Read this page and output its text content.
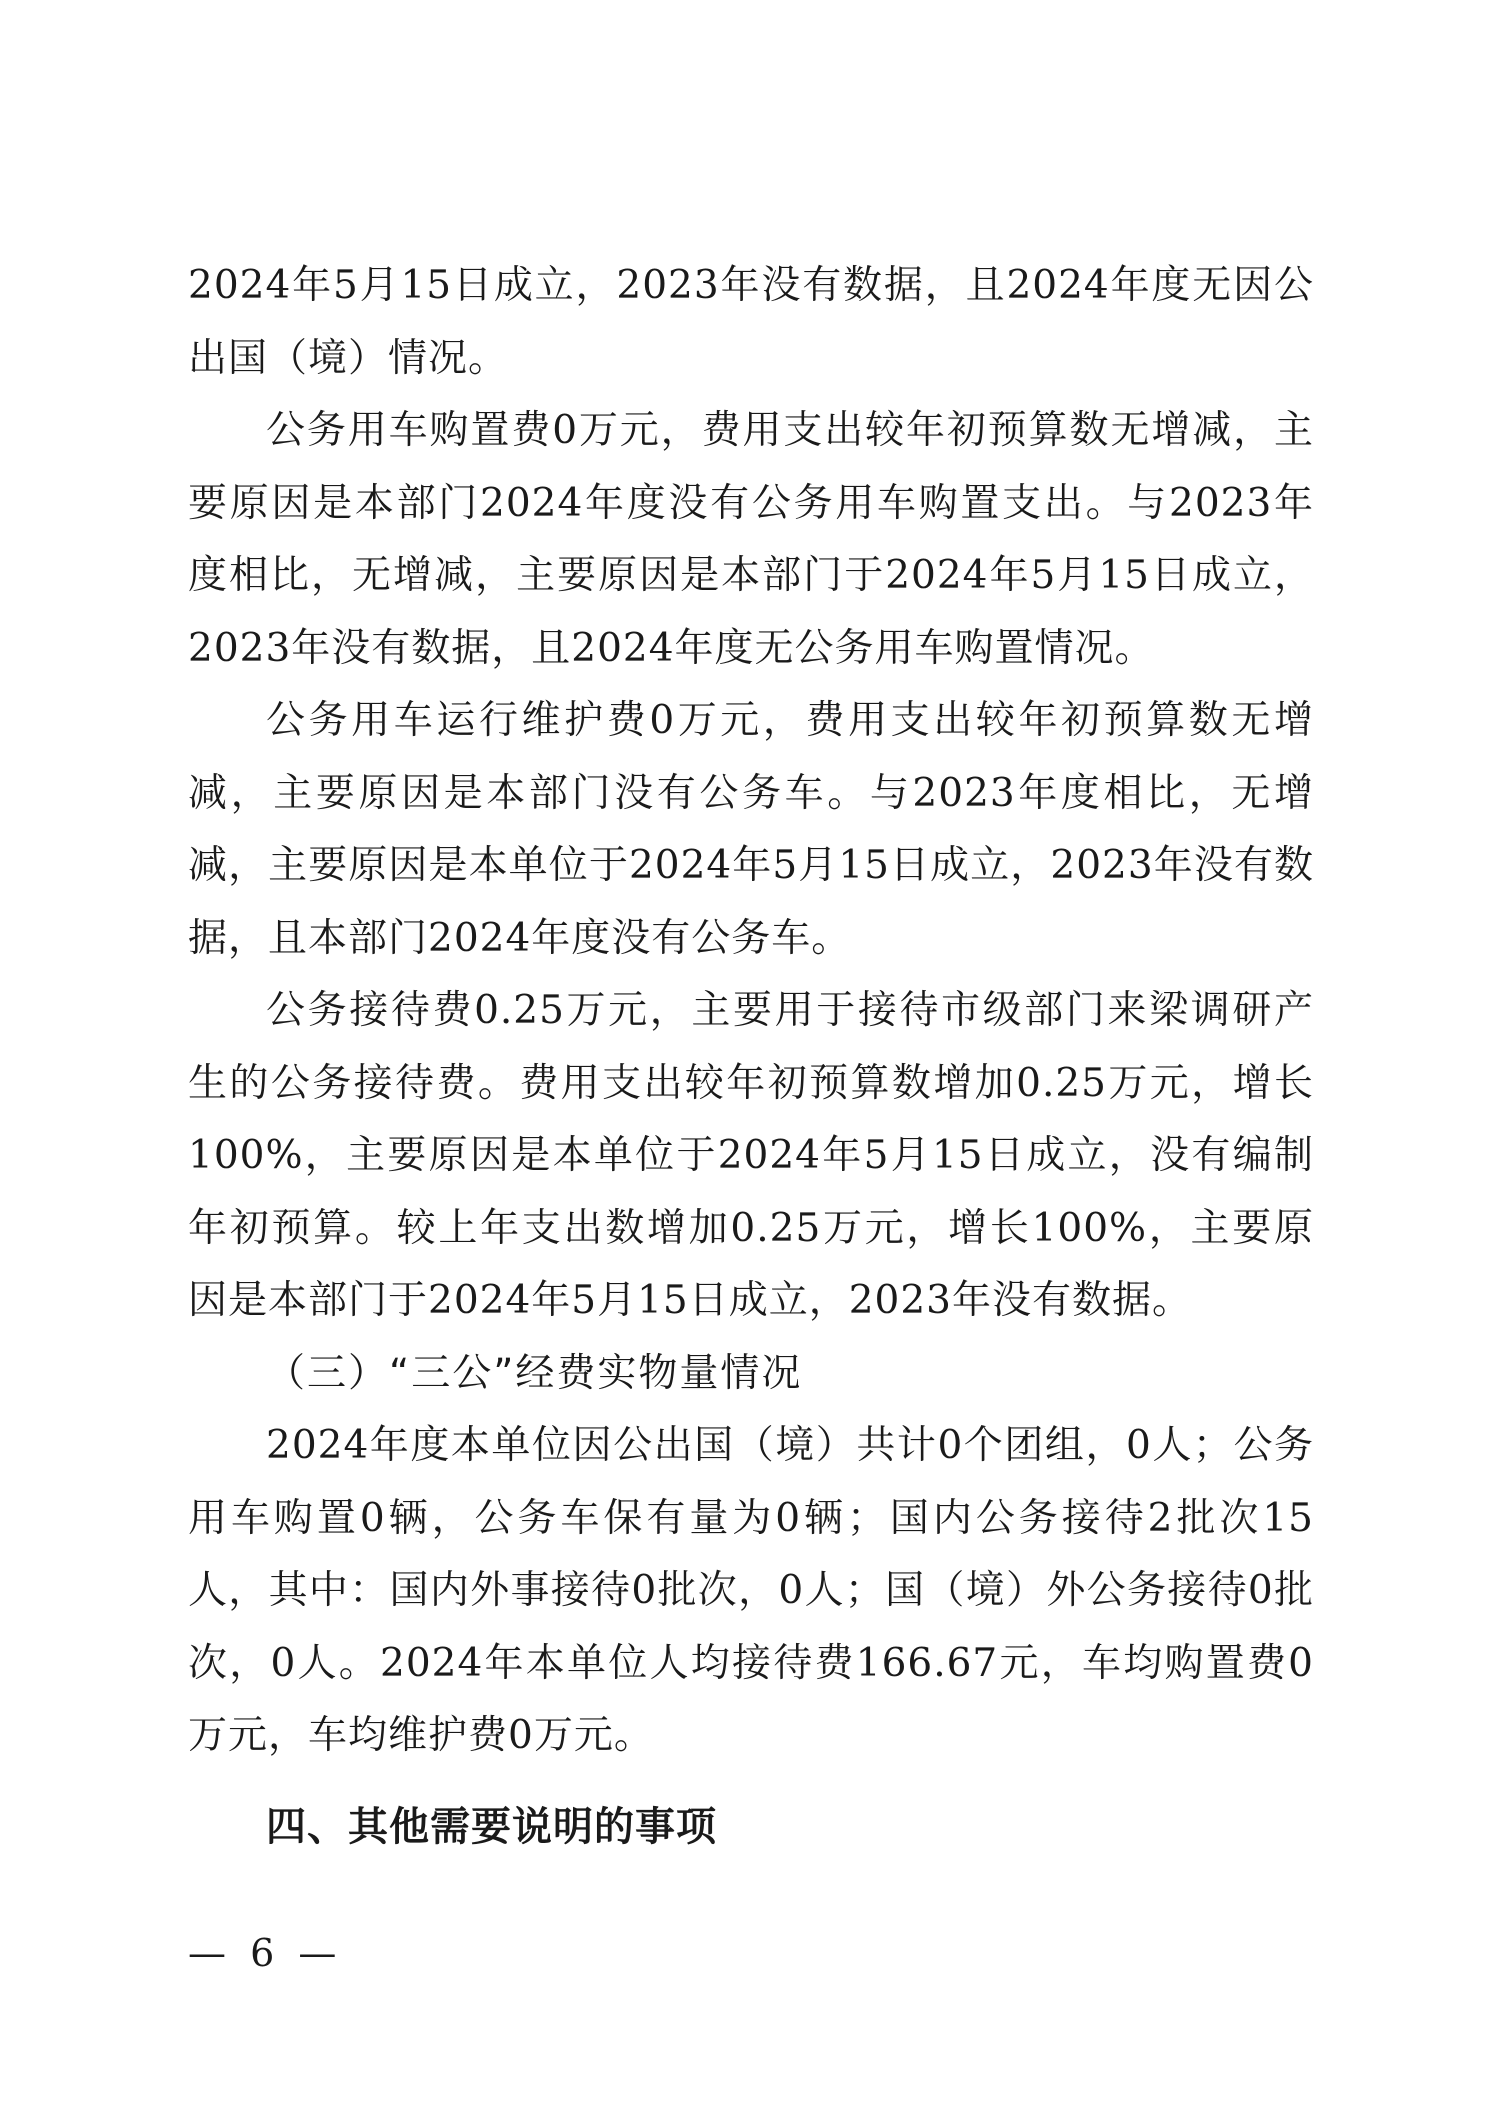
2024年5月15日成立，2023年没有数据，且2024年度无因公出国（境）情况。

公务用车购置费0万元，费用支出较年初预算数无增减，主要原因是本部门2024年度没有公务用车购置支出。与2023年度相比，无增减，主要原因是本部门于2024年5月15日成立，2023年没有数据，且2024年度无公务用车购置情况。

公务用车运行维护费0万元，费用支出较年初预算数无增减，主要原因是本部门没有公务车。与2023年度相比，无增减，主要原因是本单位于2024年5月15日成立，2023年没有数据，且本部门2024年度没有公务车。

公务接待费0.25万元，主要用于接待市级部门来梁调研产生的公务接待费。费用支出较年初预算数增加0.25万元，增长100%，主要原因是本单位于2024年5月15日成立，没有编制年初预算。较上年支出数增加0.25万元，增长100%，主要原因是本部门于2024年5月15日成立，2023年没有数据。

（三）“三公”经费实物量情况

2024年度本单位因公出国（境）共计0个团组，0人；公务用车购置0辆，公务车保有量为0辆；国内公务接待2批次15人，其中：国内外事接待0批次，0人；国（境）外公务接待0批次，0人。2024年本单位人均接待费166.67元，车均购置费0万元，车均维护费0万元。

四、其他需要说明的事项

— 6 —
